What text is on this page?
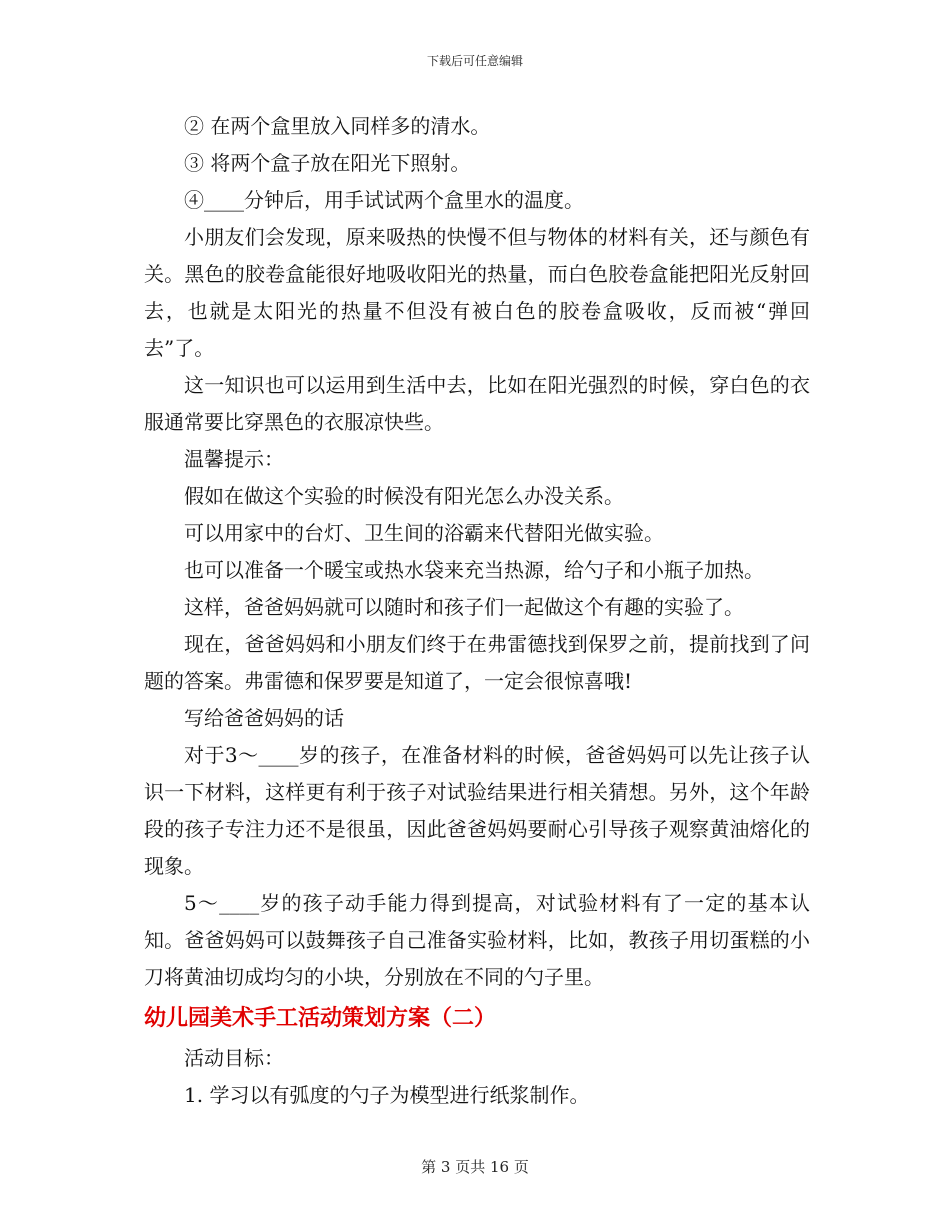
下载后可任意编辑

② 在两个盒里放入同样多的清水。

③ 将两个盒子放在阳光下照射。

④____分钟后，用手试试两个盒里水的温度。

小朋友们会发现，原来吸热的快慢不但与物体的材料有关，还与颜色有关。黑色的胶卷盒能很好地吸收阳光的热量，而白色胶卷盒能把阳光反射回去，也就是太阳光的热量不但没有被白色的胶卷盒吸收，反而被“弹回去”了。

这一知识也可以运用到生活中去，比如在阳光强烈的时候，穿白色的衣服通常要比穿黑色的衣服凉快些。

温馨提示：

假如在做这个实验的时候没有阳光怎么办没关系。

可以用家中的台灯、卫生间的浴霸来代替阳光做实验。

也可以准备一个暖宝或热水袋来充当热源，给勺子和小瓶子加热。

这样，爸爸妈妈就可以随时和孩子们一起做这个有趣的实验了。

现在，爸爸妈妈和小朋友们终于在弗雷德找到保罗之前，提前找到了问题的答案。弗雷德和保罗要是知道了，一定会很惊喜哦!

写给爸爸妈妈的话

对于3～____岁的孩子，在准备材料的时候，爸爸妈妈可以先让孩子认识一下材料，这样更有利于孩子对试验结果进行相关猜想。另外，这个年龄段的孩子专注力还不是很虽，因此爸爸妈妈要耐心引导孩子观察黄油熔化的现象。

5～____岁的孩子动手能力得到提高，对试验材料有了一定的基本认知。爸爸妈妈可以鼓舞孩子自己准备实验材料，比如，教孩子用切蛋糕的小刀将黄油切成均匀的小块，分别放在不同的勺子里。

幼儿园美术手工活动策划方案（二）

活动目标：

1. 学习以有弧度的勺子为模型进行纸浆制作。

第 3 页共 16 页
